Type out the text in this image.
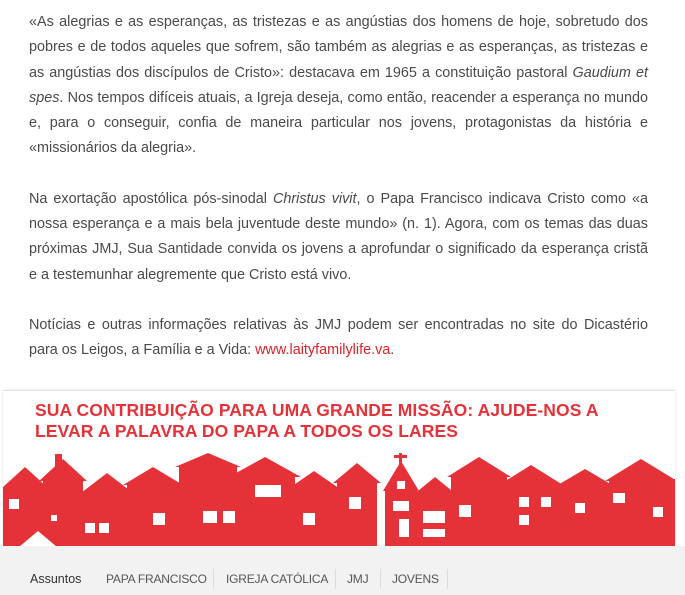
«As alegrias e as esperanças, as tristezas e as angústias dos homens de hoje, sobretudo dos pobres e de todos aqueles que sofrem, são também as alegrias e as esperanças, as tristezas e as angústias dos discípulos de Cristo»: destacava em 1965 a constituição pastoral Gaudium et spes. Nos tempos difíceis atuais, a Igreja deseja, como então, reacender a esperança no mundo e, para o conseguir, confia de maneira particular nos jovens, protagonistas da história e «missionários da alegria».

Na exortação apostólica pós-sinodal Christus vivit, o Papa Francisco indicava Cristo como «a nossa esperança e a mais bela juventude deste mundo» (n. 1). Agora, com os temas das duas próximas JMJ, Sua Santidade convida os jovens a aprofundar o significado da esperança cristã e a testemunhar alegremente que Cristo está vivo.

Notícias e outras informações relativas às JMJ podem ser encontradas no site do Dicastério para os Leigos, a Família e a Vida: www.laityfamilylife.va.

SUA CONTRIBUIÇÃO PARA UMA GRANDE MISSÃO: AJUDE-NOS A LEVAR A PALAVRA DO PAPA A TODOS OS LARES
Assuntos PAPA FRANCISCO IGREJA CATÓLICA JMJ JOVENS
